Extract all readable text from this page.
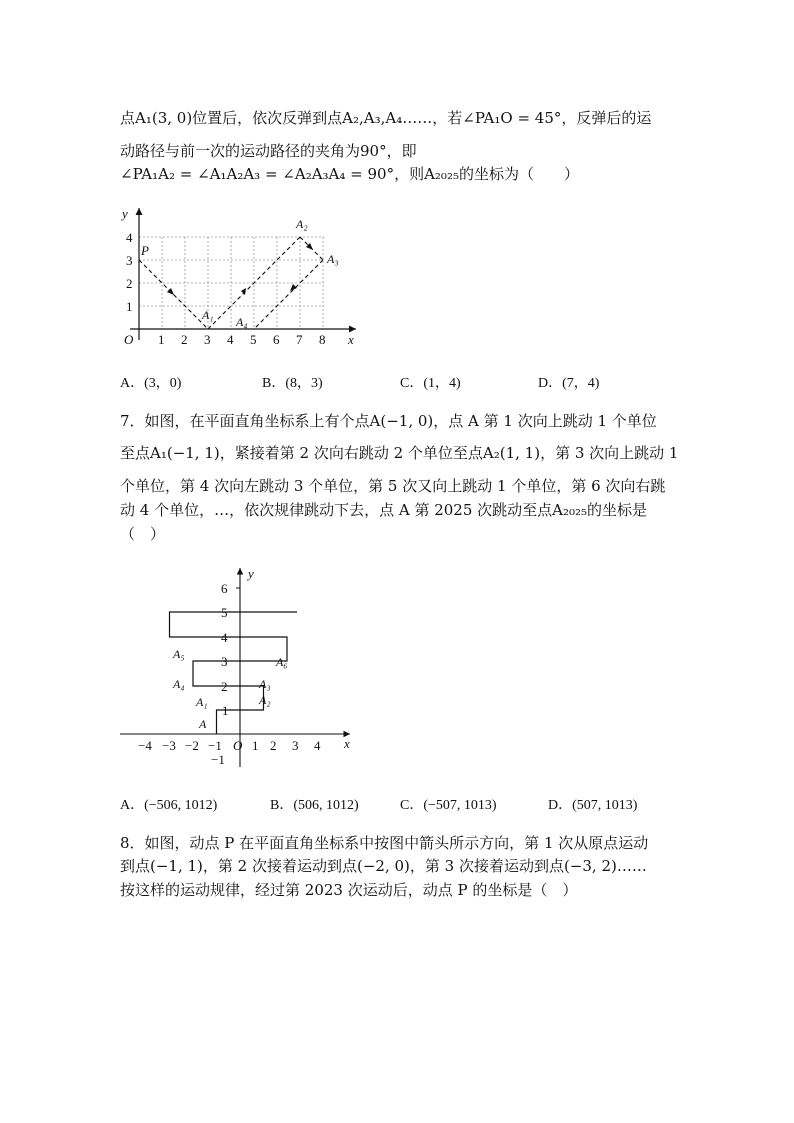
点A₁(3, 0)位置后，依次反弹到点A₂,A₃,A₄……，若∠PA₁O = 45°，反弹后的运
动路径与前一次的运动路径的夹角为90°，即
∠PA₁A₂ = ∠A₁A₂A₃ = ∠A₂A₃A₄ = 90°，则A₂₀₂₅的坐标为（　　）
1 2 3 4 5 6 7 8
1
2
3
4
O	x
y
P
A₁
A₂
A₃
A₄
A．(3，0)	B．(8，3)	C．(1，4)	D．(7，4)
7．如图，在平面直角坐标系上有个点A(−1, 0)，点 A 第 1 次向上跳动 1 个单位
至点A₁(−1, 1)，紧接着第 2 次向右跳动 2 个单位至点A₂(1, 1)，第 3 次向上跳动 1
个单位，第 4 次向左跳动 3 个单位，第 5 次又向上跳动 1 个单位，第 6 次向右跳
动 4 个单位，…，依次规律跳动下去，点 A 第 2025 次跳动至点A₂₀₂₅的坐标是
（　）
−4 −3 −2 −1 O 1 2 3 4 x
y
−1
1
2
3
4
5
6
A
A₁	A₂
A₃
A₄
A₅
A₆
A．(−506, 1012)	B．(506, 1012)	C．(−507, 1013)	D．(507, 1013)
8．如图，动点 P 在平面直角坐标系中按图中箭头所示方向，第 1 次从原点运动
到点(−1, 1)，第 2 次接着运动到点(−2, 0)，第 3 次接着运动到点(−3, 2)……
按这样的运动规律，经过第 2023 次运动后，动点 P 的坐标是（　）
